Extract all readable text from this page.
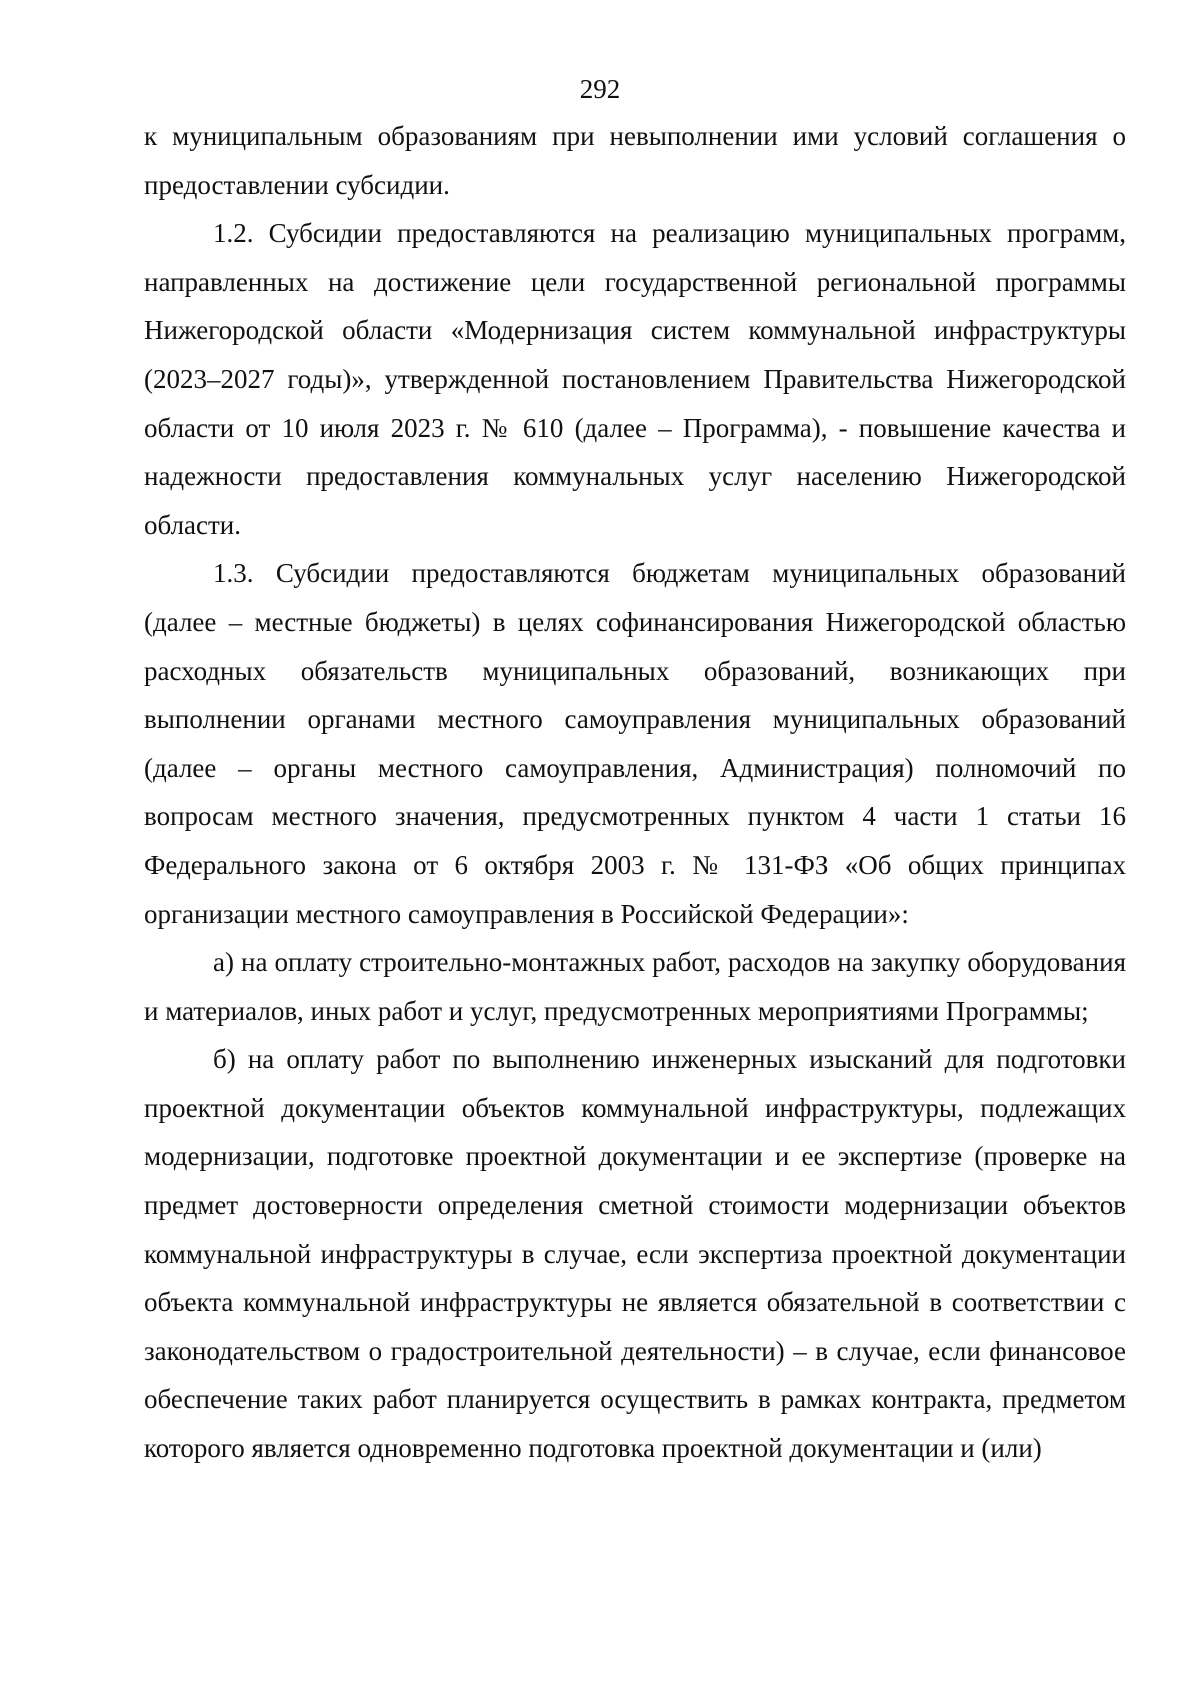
292

к муниципальным образованиям при невыполнении ими условий соглашения о предоставлении субсидии.

1.2. Субсидии предоставляются на реализацию муниципальных программ, направленных на достижение цели государственной региональной программы Нижегородской области «Модернизация систем коммунальной инфраструктуры (2023–2027 годы)», утвержденной постановлением Правительства Нижегородской области от 10 июля 2023 г. № 610 (далее – Программа), - повышение качества и надежности предоставления коммунальных услуг населению Нижегородской области.

1.3. Субсидии предоставляются бюджетам муниципальных образований (далее – местные бюджеты) в целях софинансирования Нижегородской областью расходных обязательств муниципальных образований, возникающих при выполнении органами местного самоуправления муниципальных образований (далее – органы местного самоуправления, Администрация) полномочий по вопросам местного значения, предусмотренных пунктом 4 части 1 статьи 16 Федерального закона от 6 октября 2003 г. № 131-ФЗ «Об общих принципах организации местного самоуправления в Российской Федерации»:

а) на оплату строительно-монтажных работ, расходов на закупку оборудования и материалов, иных работ и услуг, предусмотренных мероприятиями Программы;

б) на оплату работ по выполнению инженерных изысканий для подготовки проектной документации объектов коммунальной инфраструктуры, подлежащих модернизации, подготовке проектной документации и ее экспертизе (проверке на предмет достоверности определения сметной стоимости модернизации объектов коммунальной инфраструктуры в случае, если экспертиза проектной документации объекта коммунальной инфраструктуры не является обязательной в соответствии с законодательством о градостроительной деятельности) – в случае, если финансовое обеспечение таких работ планируется осуществить в рамках контракта, предметом которого является одновременно подготовка проектной документации и (или)
